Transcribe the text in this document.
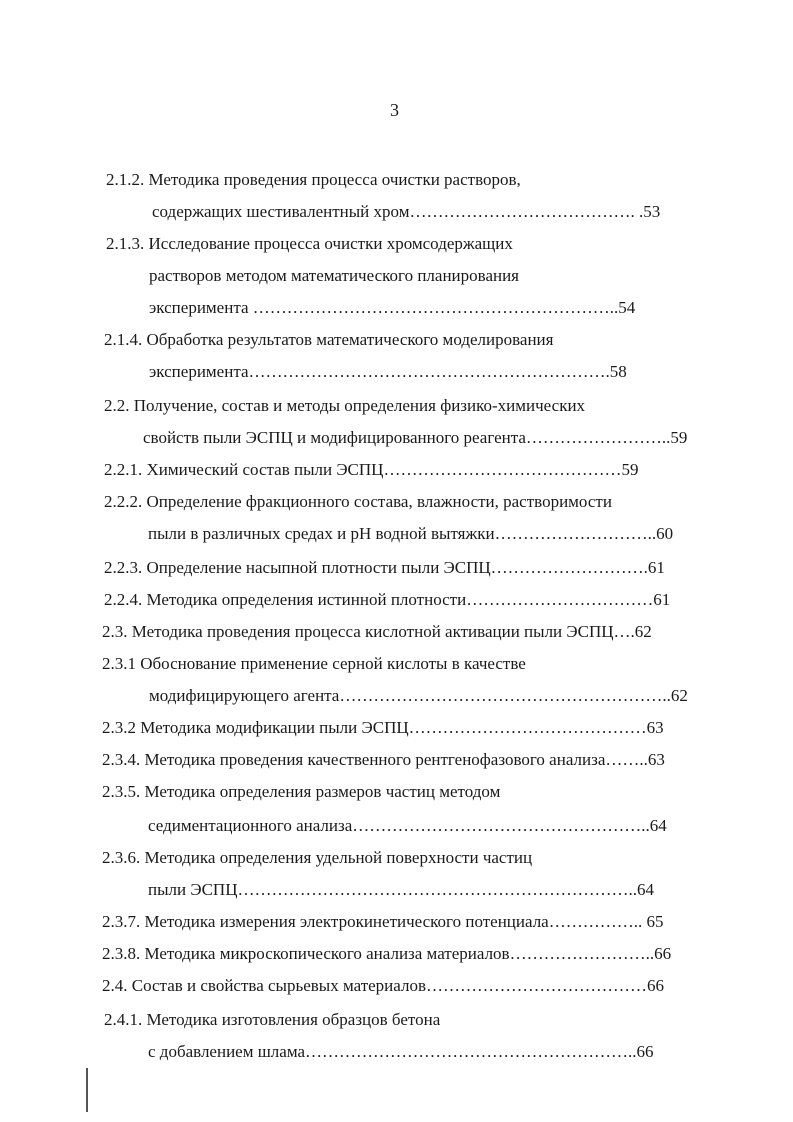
3
2.1.2. Методика проведения процесса очистки растворов,
содержащих шестивалентный хром…………………………………. .53
2.1.3. Исследование процесса очистки хромсодержащих
растворов методом математического планирования
эксперимента ………………………………………………………..54
2.1.4. Обработка результатов математического моделирования
эксперимента……………………………………………………….58
2.2. Получение, состав и методы определения физико-химических
свойств пыли ЭСПЦ и модифицированного реагента……………………..59
2.2.1. Химический состав пыли ЭСПЦ……………………………………59
2.2.2. Определение фракционного состава, влажности, растворимости
пыли в различных средах и pH водной вытяжки………………………..60
2.2.3. Определение насыпной плотности пыли ЭСПЦ……………………….61
2.2.4. Методика определения истинной плотности……………………………61
2.3. Методика проведения процесса кислотной активации пыли ЭСПЦ….62
2.3.1 Обоснование применение серной кислоты в качестве
модифицирующего агента…………………………………………………..62
2.3.2 Методика модификации пыли ЭСПЦ……………………………………63
2.3.4. Методика проведения качественного рентгенофазового анализа……..63
2.3.5. Методика определения размеров частиц методом
седиментационного анализа……………………………………………..64
2.3.6. Методика определения удельной поверхности частиц
пыли ЭСПЦ……………………………………………………………..64
2.3.7. Методика измерения электрокинетического потенциала…………….. 65
2.3.8. Методика микроскопического анализа материалов……………………..66
2.4. Состав и свойства сырьевых материалов…………………………………66
2.4.1. Методика изготовления образцов бетона
с добавлением шлама…………………………………………………..66
